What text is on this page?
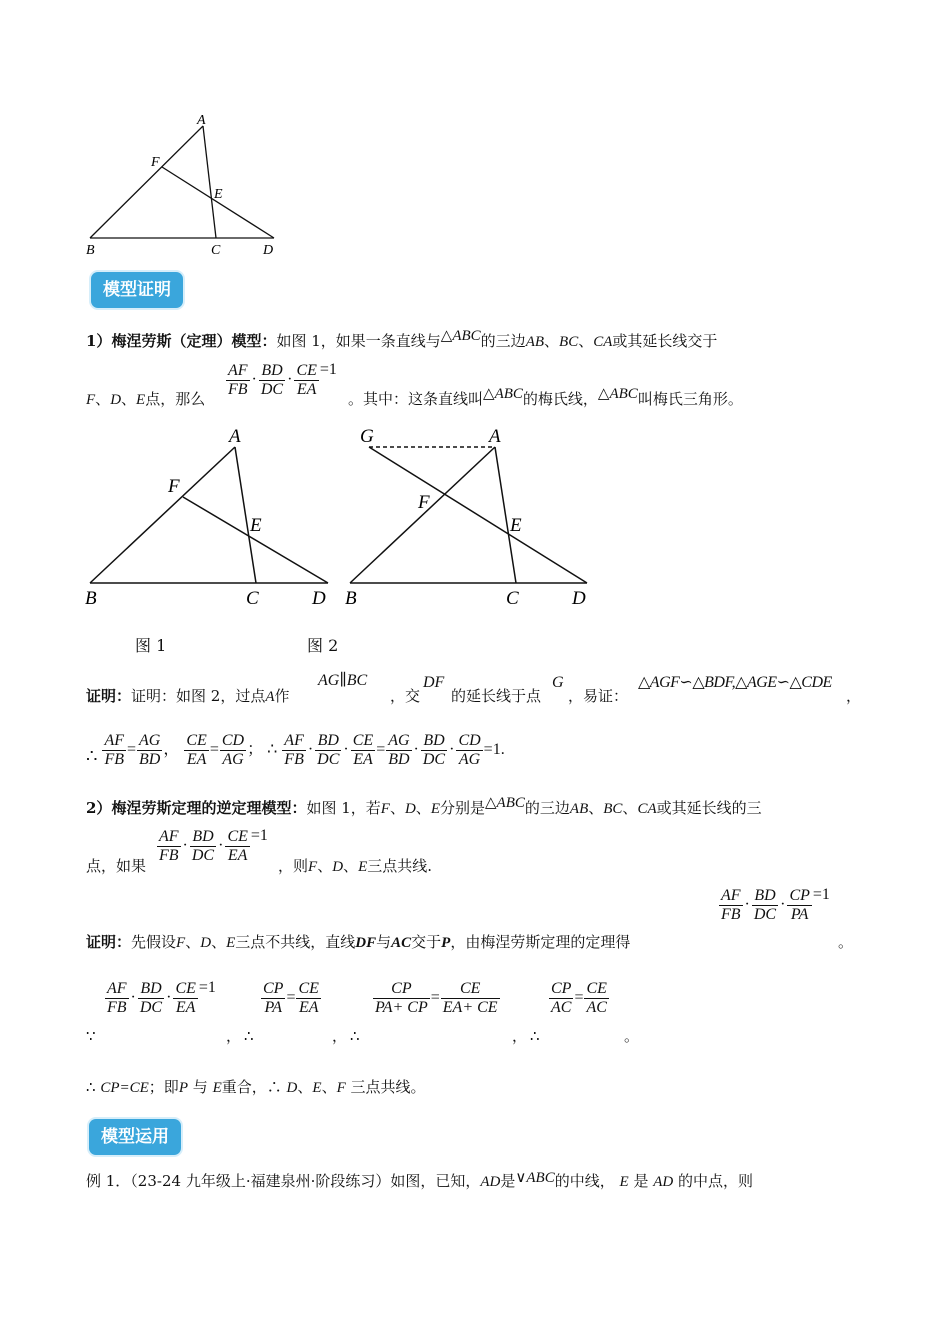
A
F
E
B	C	D
模型证明
1）梅涅劳斯（定理）模型：如图 1，如果一条直线与△ABC的三边AB、BC、CA或其延长线交于
$\frac{AF}{FB} \cdot \frac{BD}{DC} \cdot \frac{CE}{EA} =1$
F、D、E点，那么	。其中：这条直线叫△ABC的梅氏线，△ABC叫梅氏三角形。
A
F
E
B	C	D
G	A
F
E
B	C	D
图 1	图 2
证明：证明：如图 2，过点A作
AG∥BC
，交
DF
的延长线于点
G
，易证：
△AGF∽△BDF,△AGE∽△CDE
，
∴ $\frac{AF}{FB} = \frac{AG}{BD}$ ， $\frac{CE}{EA} = \frac{CD}{AG}$ ； ∴ $\frac{AF}{FB} \cdot \frac{BD}{DC} \cdot \frac{CE}{EA} = \frac{AG}{BD} \cdot \frac{BD}{DC} \cdot \frac{CD}{AG} =1$.
2）梅涅劳斯定理的逆定理模型：如图 1，若F、D、E分别是△ABC的三边AB、BC、CA或其延长线的三
$\frac{AF}{FB} \cdot \frac{BD}{DC} \cdot \frac{CE}{EA} =1$
点，如果	，则F、D、E三点共线.
$\frac{AF}{FB} \cdot \frac{BD}{DC} \cdot \frac{CP}{PA} =1$
证明：先假设F、D、E三点不共线，直线DF与AC交于P，由梅涅劳斯定理的定理得	。
$\frac{AF}{FB} \cdot \frac{BD}{DC} \cdot \frac{CE}{EA} =1$	$\frac{CP}{PA} = \frac{CE}{EA}$	$\frac{CP}{PA+ CP} = \frac{CE}{EA+ CE}$	$\frac{CP}{AC} = \frac{CE}{AC}$
∵	， ∴	， ∴	， ∴	。
∴ CP=CE；即P 与 E重合，∴ D、E、F 三点共线。
模型运用
例 1．（23-24 九年级上·福建泉州·阶段练习）如图，已知，AD是∨ABC的中线， E 是 AD 的中点，则
